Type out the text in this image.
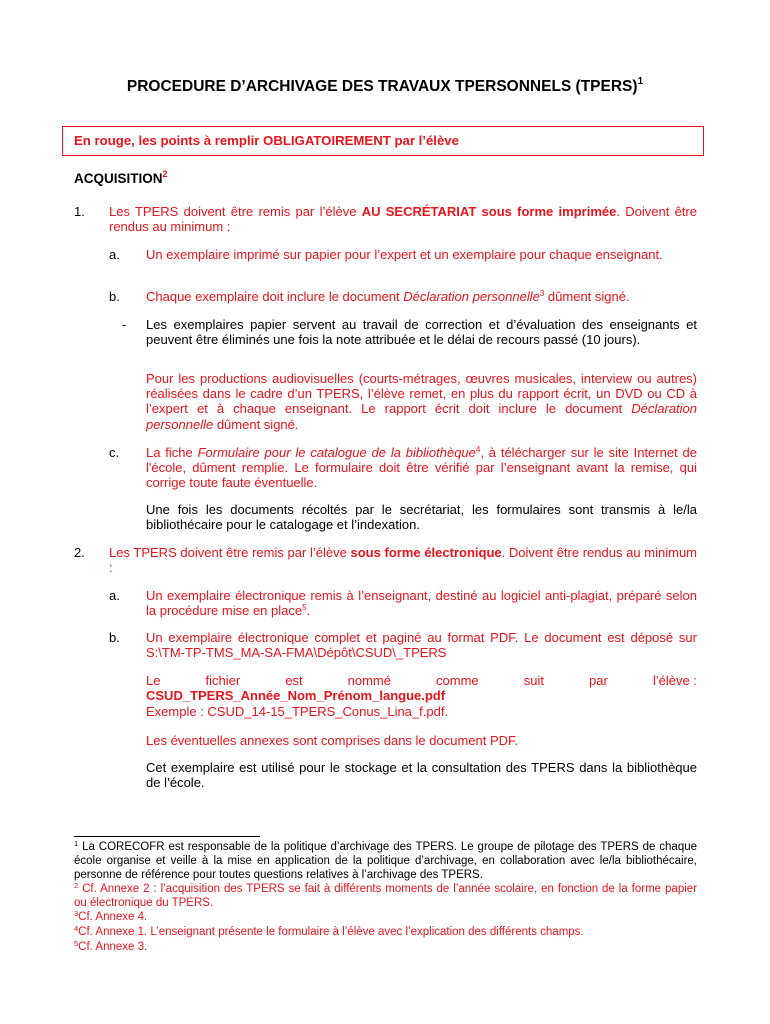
PROCEDURE D’ARCHIVAGE DES TRAVAUX TPERSONNELS (TPERS)$^1$
En rouge, les points à remplir OBLIGATOIREMENT par l’élève
ACQUISITION$^2$
1. Les TPERS doivent être remis par l’élève AU SECRÉTARIAT sous forme imprimée. Doivent être rendus au minimum :
a. Un exemplaire imprimé sur papier pour l’expert et un exemplaire pour chaque enseignant.
b. Chaque exemplaire doit inclure le document Déclaration personnelle$^3$ dûment signé.
- Les exemplaires papier servent au travail de correction et d’évaluation des enseignants et peuvent être éliminés une fois la note attribuée et le délai de recours passé (10 jours).
Pour les productions audiovisuelles (courts-métrages, œuvres musicales, interview ou autres) réalisées dans le cadre d’un TPERS, l’élève remet, en plus du rapport écrit, un DVD ou CD à l’expert et à chaque enseignant. Le rapport écrit doit inclure le document Déclaration personnelle dûment signé.
c. La fiche Formulaire pour le catalogue de la bibliothèque$^4$, à télécharger sur le site Internet de l'école, dûment remplie. Le formulaire doit être vérifié par l’enseignant avant la remise, qui corrige toute faute éventuelle.
Une fois les documents récoltés par le secrétariat, les formulaires sont transmis à le/la bibliothécaire pour le catalogage et l’indexation.
2. Les TPERS doivent être remis par l’élève sous forme électronique. Doivent être rendus au minimum :
a. Un exemplaire électronique remis à l’enseignant, destiné au logiciel anti-plagiat, préparé selon la procédure mise en place$^5$.
b. Un exemplaire électronique complet et paginé au format PDF. Le document est déposé sur S:\TM-TP-TMS_MA-SA-FMA\Dépôt\CSUD\_TPERS
Le	fichier	est	nommé	comme	suit	par	l’élève :
CSUD_TPERS_Année_Nom_Prénom_langue.pdf
Exemple : CSUD_14-15_TPERS_Conus_Lina_f.pdf.
Les éventuelles annexes sont comprises dans le document PDF.
Cet exemplaire est utilisé pour le stockage et la consultation des TPERS dans la bibliothèque de l’école.
$^1$ La CORECOFR est responsable de la politique d’archivage des TPERS. Le groupe de pilotage des TPERS de chaque école organise et veille à la mise en application de la politique d’archivage, en collaboration avec le/la bibliothécaire, personne de référence pour toutes questions relatives à l’archivage des TPERS.
$^2$ Cf. Annexe 2 : l’acquisition des TPERS se fait à différents moments de l’année scolaire, en fonction de la forme papier ou électronique du TPERS.
$^3$Cf. Annexe 4.
$^4$Cf. Annexe 1. L’enseignant présente le formulaire à l’élève avec l’explication des différents champs.
$^5$Cf. Annexe 3.
